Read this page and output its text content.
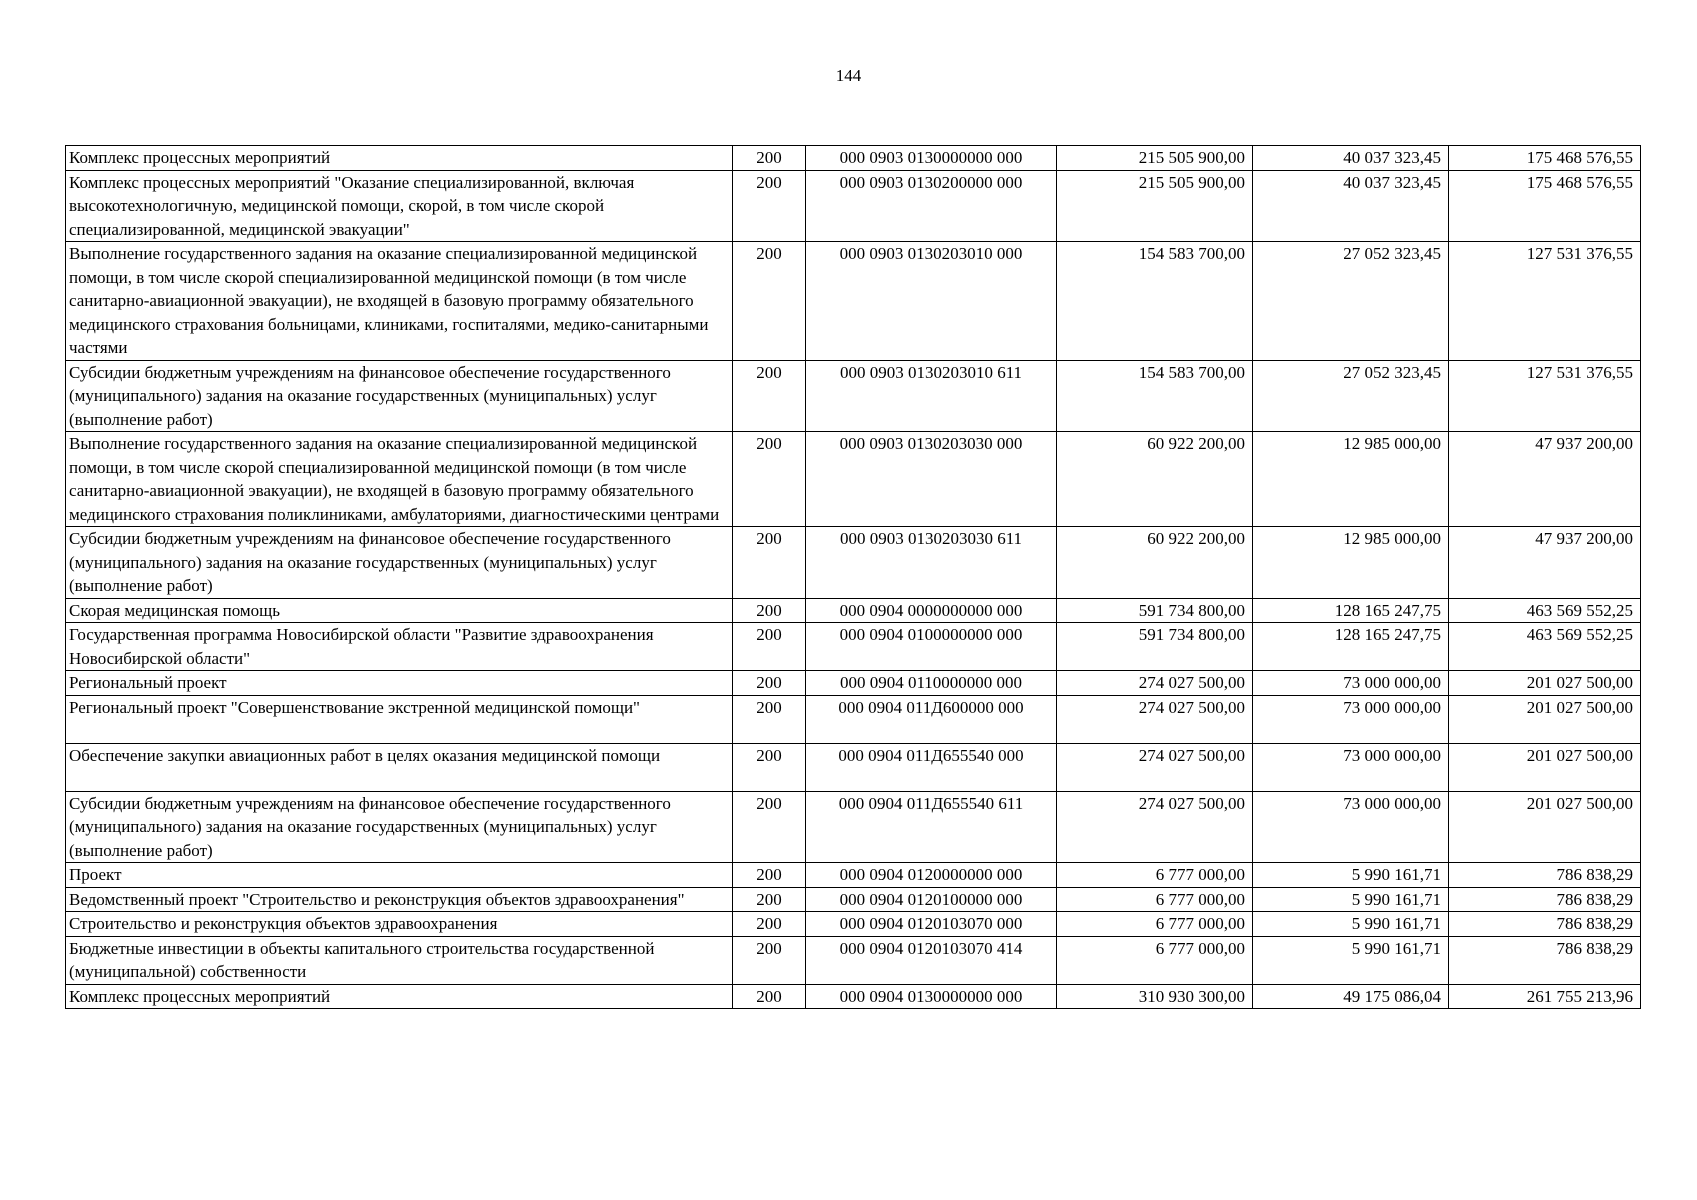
144
Комплекс процессных мероприятий	200	000 0903 0130000000 000	215 505 900,00	40 037 323,45	175 468 576,55
Комплекс процессных мероприятий "Оказание специализированной, включая высокотехнологичную, медицинской помощи, скорой, в том числе скорой специализированной, медицинской эвакуации"	200	000 0903 0130200000 000	215 505 900,00	40 037 323,45	175 468 576,55
Выполнение государственного задания на оказание специализированной медицинской помощи, в том числе скорой специализированной медицинской помощи (в том числе санитарно-авиационной эвакуации), не входящей в базовую программу обязательного медицинского страхования больницами, клиниками, госпиталями, медико-санитарными частями	200	000 0903 0130203010 000	154 583 700,00	27 052 323,45	127 531 376,55
Субсидии бюджетным учреждениям на финансовое обеспечение государственного (муниципального) задания на оказание государственных (муниципальных) услуг (выполнение работ)	200	000 0903 0130203010 611	154 583 700,00	27 052 323,45	127 531 376,55
Выполнение государственного задания на оказание специализированной медицинской помощи, в том числе скорой специализированной медицинской помощи (в том числе санитарно-авиационной эвакуации), не входящей в базовую программу обязательного медицинского страхования поликлиниками, амбулаториями, диагностическими центрами	200	000 0903 0130203030 000	60 922 200,00	12 985 000,00	47 937 200,00
Субсидии бюджетным учреждениям на финансовое обеспечение государственного (муниципального) задания на оказание государственных (муниципальных) услуг (выполнение работ)	200	000 0903 0130203030 611	60 922 200,00	12 985 000,00	47 937 200,00
Скорая медицинская помощь	200	000 0904 0000000000 000	591 734 800,00	128 165 247,75	463 569 552,25
Государственная программа Новосибирской области "Развитие здравоохранения Новосибирской области"	200	000 0904 0100000000 000	591 734 800,00	128 165 247,75	463 569 552,25
Региональный проект	200	000 0904 0110000000 000	274 027 500,00	73 000 000,00	201 027 500,00
Региональный проект "Совершенствование экстренной медицинской помощи"	200	000 0904 011Д600000 000	274 027 500,00	73 000 000,00	201 027 500,00
Обеспечение закупки авиационных работ в целях оказания медицинской помощи	200	000 0904 011Д655540 000	274 027 500,00	73 000 000,00	201 027 500,00
Субсидии бюджетным учреждениям на финансовое обеспечение государственного (муниципального) задания на оказание государственных (муниципальных) услуг (выполнение работ)	200	000 0904 011Д655540 611	274 027 500,00	73 000 000,00	201 027 500,00
Проект	200	000 0904 0120000000 000	6 777 000,00	5 990 161,71	786 838,29
Ведомственный проект "Строительство и реконструкция объектов здравоохранения"	200	000 0904 0120100000 000	6 777 000,00	5 990 161,71	786 838,29
Строительство и реконструкция объектов здравоохранения	200	000 0904 0120103070 000	6 777 000,00	5 990 161,71	786 838,29
Бюджетные инвестиции в объекты капитального строительства государственной (муниципальной) собственности	200	000 0904 0120103070 414	6 777 000,00	5 990 161,71	786 838,29
Комплекс процессных мероприятий	200	000 0904 0130000000 000	310 930 300,00	49 175 086,04	261 755 213,96
